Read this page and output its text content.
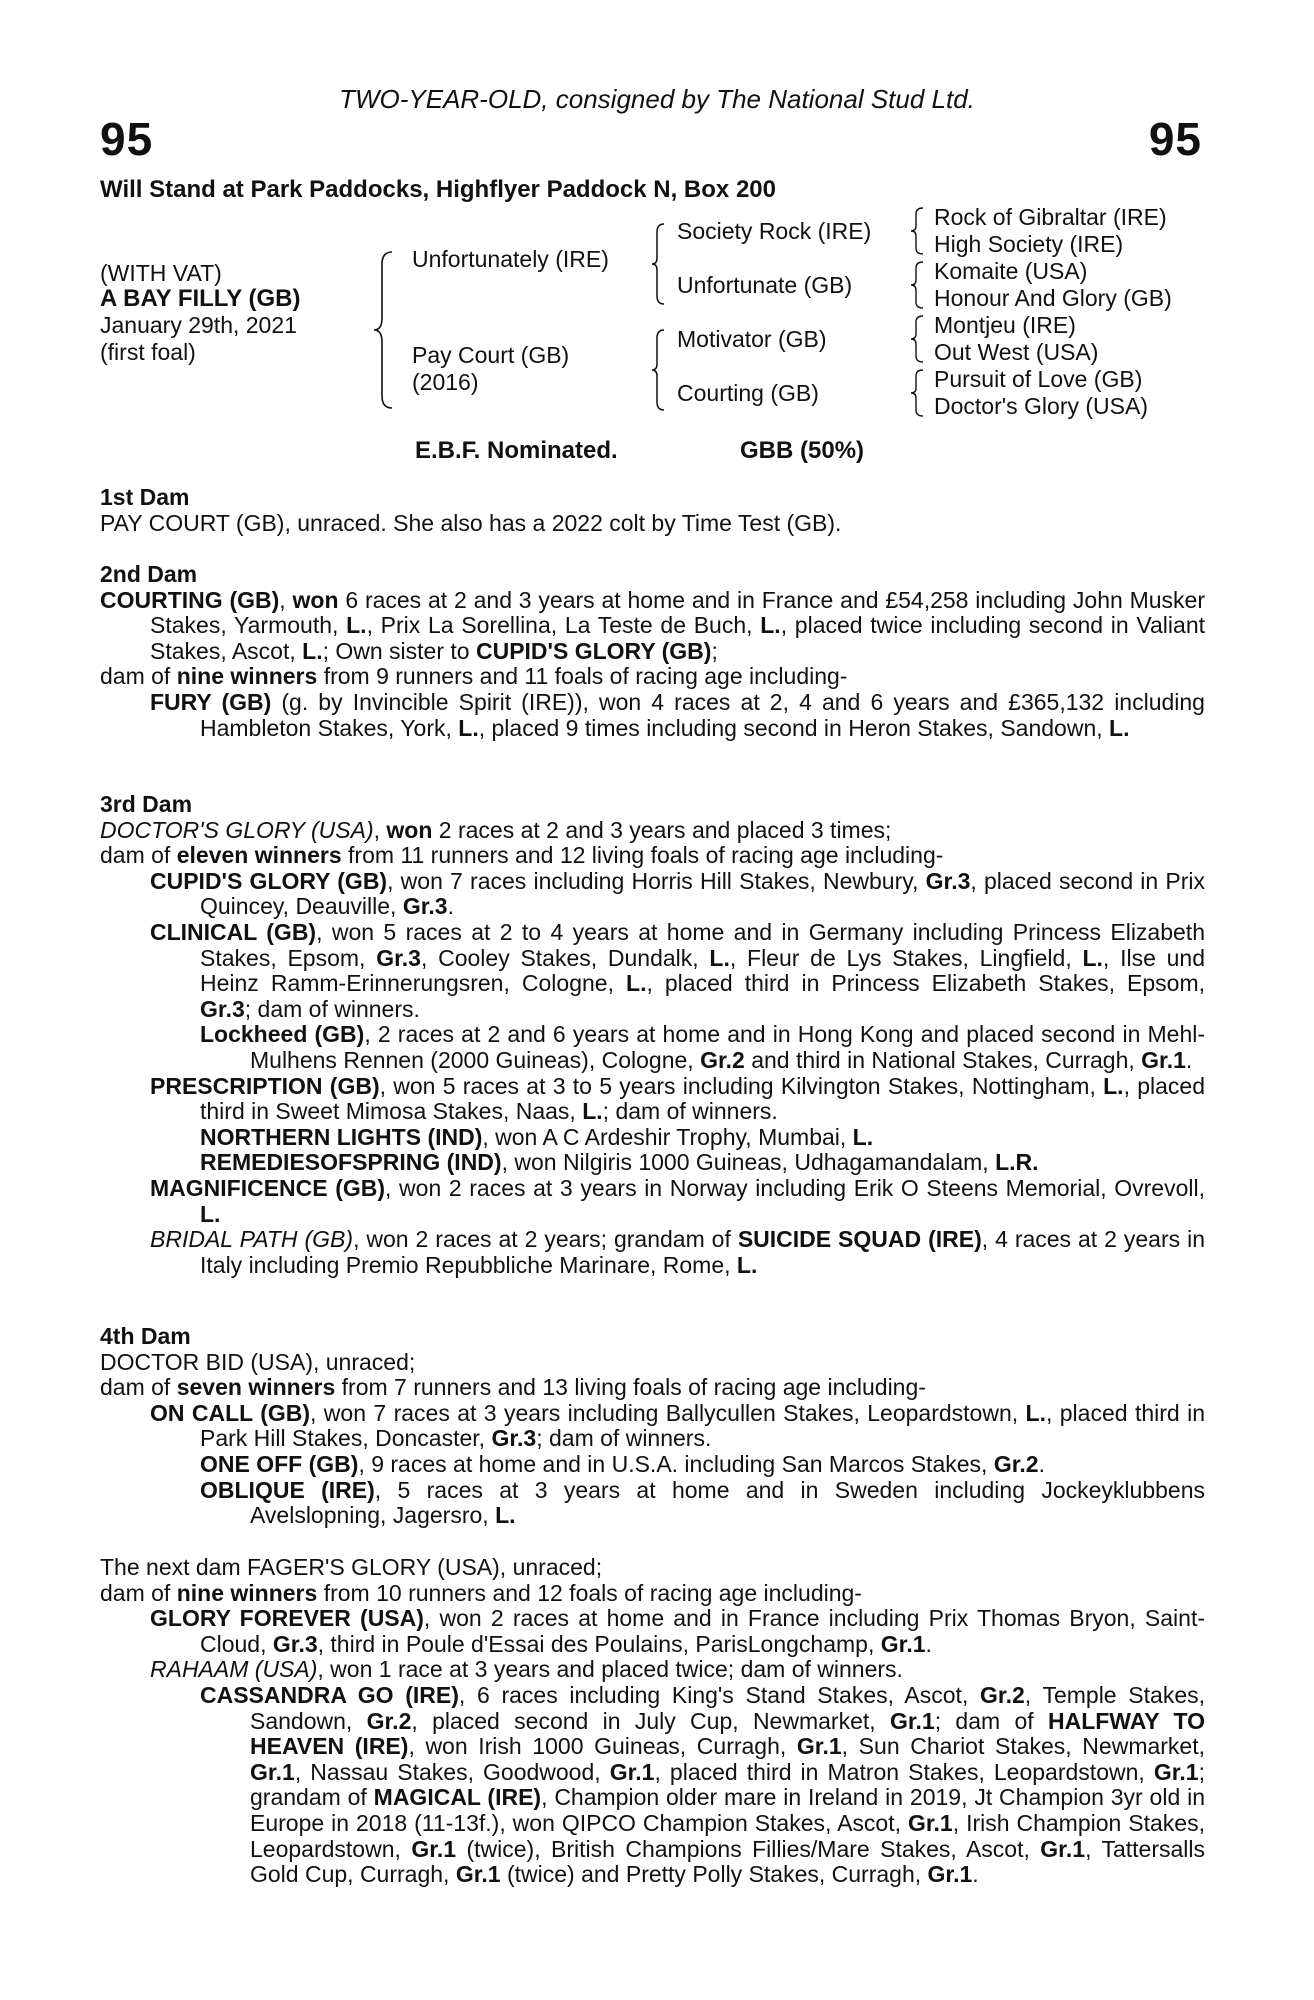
TWO-YEAR-OLD, consigned by The National Stud Ltd.
95	95
Will Stand at Park Paddocks, Highflyer Paddock N, Box 200
(WITH VAT)
A BAY FILLY (GB)
January 29th, 2021
(first foal)
Unfortunately (IRE)
Pay Court (GB)
(2016)
Society Rock (IRE)
Unfortunate (GB)
Motivator (GB)
Courting (GB)
Rock of Gibraltar (IRE)
High Society (IRE)
Komaite (USA)
Honour And Glory (GB)
Montjeu (IRE)
Out West (USA)
Pursuit of Love (GB)
Doctor's Glory (USA)
E.B.F. Nominated.	GBB (50%)

1st Dam

PAY COURT (GB), unraced. She also has a 2022 colt by Time Test (GB).

2nd Dam

COURTING (GB), won 6 races at 2 and 3 years at home and in France and £54,258 including John Musker Stakes, Yarmouth, L., Prix La Sorellina, La Teste de Buch, L., placed twice including second in Valiant Stakes, Ascot, L.; Own sister to CUPID'S GLORY (GB);

dam of nine winners from 9 runners and 11 foals of racing age including-

FURY (GB) (g. by Invincible Spirit (IRE)), won 4 races at 2, 4 and 6 years and £365,132 including Hambleton Stakes, York, L., placed 9 times including second in Heron Stakes, Sandown, L.

3rd Dam

DOCTOR'S GLORY (USA), won 2 races at 2 and 3 years and placed 3 times;

dam of eleven winners from 11 runners and 12 living foals of racing age including-

CUPID'S GLORY (GB), won 7 races including Horris Hill Stakes, Newbury, Gr.3, placed second in Prix Quincey, Deauville, Gr.3.

CLINICAL (GB), won 5 races at 2 to 4 years at home and in Germany including Princess Elizabeth Stakes, Epsom, Gr.3, Cooley Stakes, Dundalk, L., Fleur de Lys Stakes, Lingfield, L., Ilse und Heinz Ramm-Erinnerungsren, Cologne, L., placed third in Princess Elizabeth Stakes, Epsom, Gr.3; dam of winners.

Lockheed (GB), 2 races at 2 and 6 years at home and in Hong Kong and placed second in Mehl-Mulhens Rennen (2000 Guineas), Cologne, Gr.2 and third in National Stakes, Curragh, Gr.1.

PRESCRIPTION (GB), won 5 races at 3 to 5 years including Kilvington Stakes, Nottingham, L., placed third in Sweet Mimosa Stakes, Naas, L.; dam of winners.

NORTHERN LIGHTS (IND), won A C Ardeshir Trophy, Mumbai, L.

REMEDIESOFSPRING (IND), won Nilgiris 1000 Guineas, Udhagamandalam, L.R.

MAGNIFICENCE (GB), won 2 races at 3 years in Norway including Erik O Steens Memorial, Ovrevoll, L.

BRIDAL PATH (GB), won 2 races at 2 years; grandam of SUICIDE SQUAD (IRE), 4 races at 2 years in Italy including Premio Repubbliche Marinare, Rome, L.

4th Dam

DOCTOR BID (USA), unraced;

dam of seven winners from 7 runners and 13 living foals of racing age including-

ON CALL (GB), won 7 races at 3 years including Ballycullen Stakes, Leopardstown, L., placed third in Park Hill Stakes, Doncaster, Gr.3; dam of winners.

ONE OFF (GB), 9 races at home and in U.S.A. including San Marcos Stakes, Gr.2.

OBLIQUE (IRE), 5 races at 3 years at home and in Sweden including Jockeyklubbens Avelslopning, Jagersro, L.

The next dam FAGER'S GLORY (USA), unraced;

dam of nine winners from 10 runners and 12 foals of racing age including-

GLORY FOREVER (USA), won 2 races at home and in France including Prix Thomas Bryon, Saint-Cloud, Gr.3, third in Poule d'Essai des Poulains, ParisLongchamp, Gr.1.

RAHAAM (USA), won 1 race at 3 years and placed twice; dam of winners.

CASSANDRA GO (IRE), 6 races including King's Stand Stakes, Ascot, Gr.2, Temple Stakes, Sandown, Gr.2, placed second in July Cup, Newmarket, Gr.1; dam of HALFWAY TO HEAVEN (IRE), won Irish 1000 Guineas, Curragh, Gr.1, Sun Chariot Stakes, Newmarket, Gr.1, Nassau Stakes, Goodwood, Gr.1, placed third in Matron Stakes, Leopardstown, Gr.1; grandam of MAGICAL (IRE), Champion older mare in Ireland in 2019, Jt Champion 3yr old in Europe in 2018 (11-13f.), won QIPCO Champion Stakes, Ascot, Gr.1, Irish Champion Stakes, Leopardstown, Gr.1 (twice), British Champions Fillies/Mare Stakes, Ascot, Gr.1, Tattersalls Gold Cup, Curragh, Gr.1 (twice) and Pretty Polly Stakes, Curragh, Gr.1.
